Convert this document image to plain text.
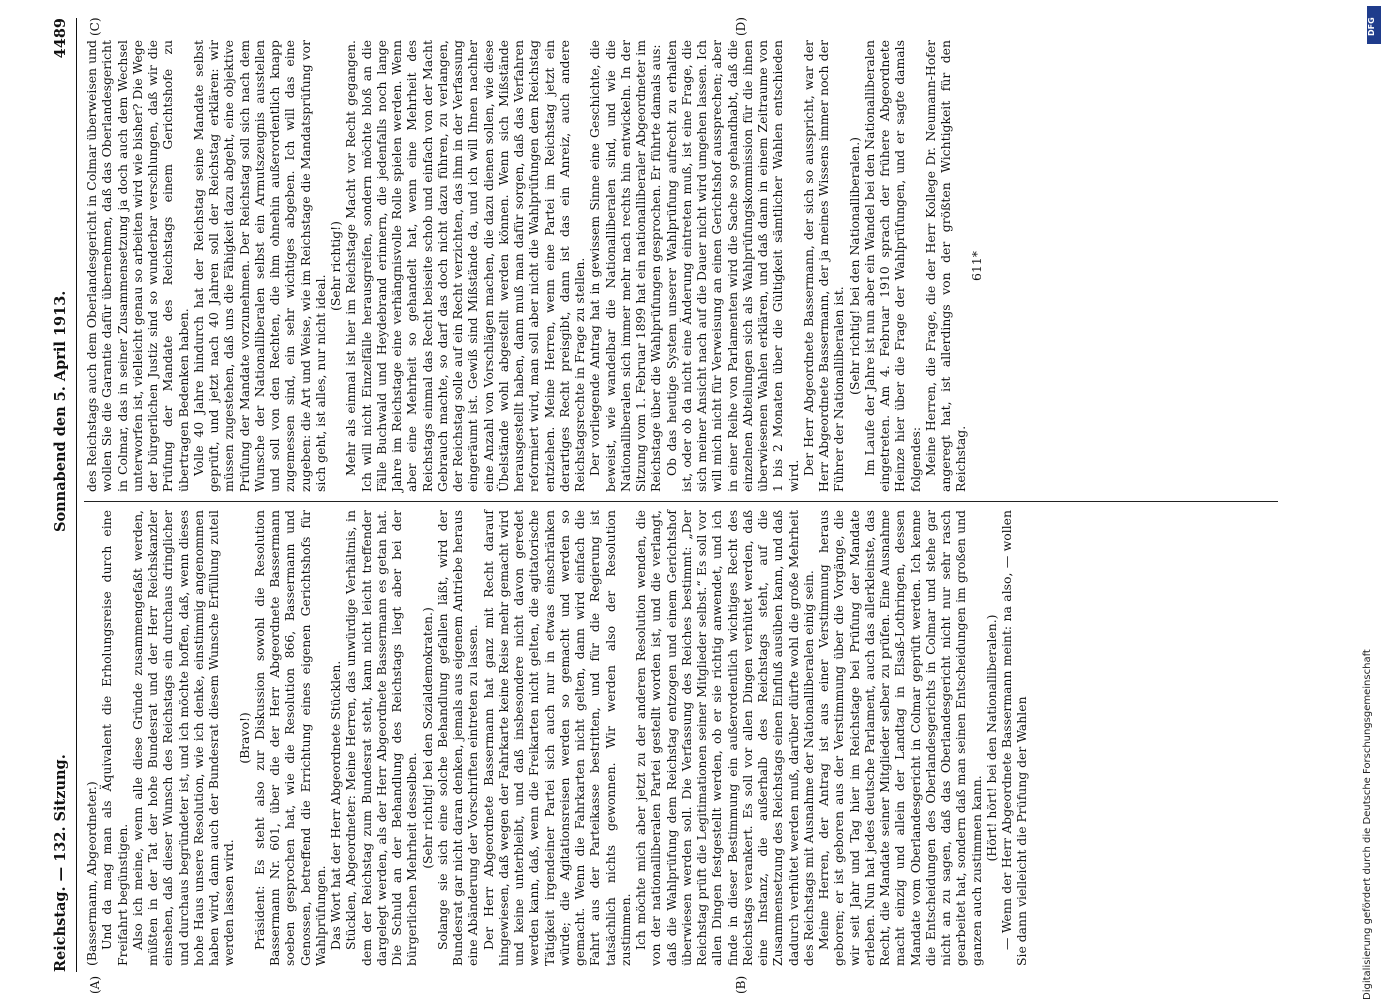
Reichstag. — 132. Sitzung.
Sonnabend den 5. April 1913.
4489
(A)	(B)
(C)	(D)

(Bassermann, Abgeordneter.) Und da mag man als Äquivalent die Erholungsreise durch eine Freifahrt begünstigen. Also ich meine, wenn alle diese Gründe zusammengefaßt werden, müßten in der Tat der hohe Bundesrat und der Herr Reichskanzler einsehen, daß dieser Wunsch des Reichstags ein durchaus dringlicher und durchaus begründeter ist, und ich möchte hoffen, daß, wenn dieses hohe Haus unsere Resolution, wie ich denke, einstimmig angenommen haben wird, dann auch der Bundesrat diesem Wunsche Erfüllung zuteil werden lassen wird.

(Bravo!) Präsident: Es steht also zur Diskussion sowohl die Resolution Bassermann Nr. 601, über die der Herr Abgeordnete Bassermann soeben gesprochen hat, wie die Resolution 866, Bassermann und Genossen, betreffend die Errichtung eines eigenen Gerichtshofs für Wahlprüfungen. Das Wort hat der Herr Abgeordnete Stücklen. Stücklen, Abgeordneter: Meine Herren, das unwürdige Verhältnis, in dem der Reichstag zum Bundesrat steht, kann nicht leicht treffender dargelegt werden, als der Herr Abgeordnete Bassermann es getan hat. Die Schuld an der Behandlung des Reichstags liegt aber bei der bürgerlichen Mehrheit desselben. (Sehr richtig! bei den Sozialdemokraten.) Solange sie sich eine solche Behandlung gefallen läßt, wird der Bundesrat gar nicht daran denken, jemals aus eigenem Antriebe heraus eine Abänderung der Vorschriften eintreten zu lassen. Der Herr Abgeordnete Bassermann hat ganz mit Recht darauf hingewiesen, daß wegen der Fahrkarte keine Reise mehr gemacht wird und keine unterbleibt, und daß insbesondere nicht davon geredet werden kann, daß, wenn die Freikarten nicht gelten, die agitatorische Tätigkeit irgendeiner Partei sich auch nur in etwas einschränken würde; die Agitationsreisen werden so gemacht und werden so gemacht. Wenn die Fahrkarten nicht gelten, dann wird einfach die Fahrt aus der Parteikasse bestritten, und für die Regierung ist tatsächlich nichts gewonnen. Wir werden also der Resolution zustimmen. Ich möchte mich aber jetzt zu der anderen Resolution wenden, die von der nationalliberalen Partei gestellt worden ist, und die verlangt, daß die Wahlprüfung dem Reichstag entzogen und einem Gerichtshof überwiesen werden soll. Die Verfassung des Reiches bestimmt: „Der Reichstag prüft die Legitimationen seiner Mitglieder selbst.“ Es soll vor allen Dingen festgestellt werden, ob er sie richtig anwendet, und ich finde in dieser Bestimmung ein außerordentlich wichtiges Recht des Reichstags verankert. Es soll vor allen Dingen verhütet werden, daß eine Instanz, die außerhalb des Reichstags steht, auf die Zusammensetzung des Reichstags einen Einfluß ausüben kann, und daß dadurch verhütet werden muß, darüber dürfte wohl die große Mehrheit des Reichstags mit Ausnahme der Nationalliberalen einig sein. Meine Herren, der Antrag ist aus einer Verstimmung heraus geboren; er ist geboren aus der Verstimmung über die Vorgänge, die wir seit Jahr und Tag hier im Reichstage bei Prüfung der Mandate erleben. Nun hat jedes deutsche Parlament, auch das allerkleinste, das Recht, die Mandate seiner Mitglieder selber zu prüfen. Eine Ausnahme macht einzig und allein der Landtag in Elsaß-Lothringen, dessen Mandate vom Oberlandesgericht in Colmar geprüft werden. Ich kenne die Entscheidungen des Oberlandesgerichts in Colmar und stehe gar nicht an zu sagen, daß das Oberlandesgericht nicht nur sehr rasch gearbeitet hat, sondern daß man seinen Entscheidungen im großen und ganzen auch zustimmen kann.

(Hört! hört! bei den Nationalliberalen.) — Wenn der Herr Abgeordnete Bassermann meint: na also, — wollen Sie dann vielleicht die Prüfung der Wahlen

des Reichstags auch dem Oberlandesgericht in Colmar überweisen und wollen Sie die Garantie dafür übernehmen, daß das Oberlandesgericht in Colmar, das in seiner Zusammensetzung ja doch auch dem Wechsel unterworfen ist, vielleicht genau so arbeiten wird wie bisher? Die Wege der bürgerlichen Justiz sind so wunderbar verschlungen, daß wir die Prüfung der Mandate des Reichstags einem Gerichtshofe zu übertragen Bedenken haben. Volle 40 Jahre hindurch hat der Reichstag seine Mandate selbst geprüft, und jetzt nach 40 Jahren soll der Reichstag erklären: wir müssen zugestehen, daß uns die Fähigkeit dazu abgeht, eine objektive Prüfung der Mandate vorzunehmen. Der Reichstag soll sich nach dem Wunsche der Nationalliberalen selbst ein Armutszeugnis ausstellen und soll von den Rechten, die ihm ohnehin außerordentlich knapp zugemessen sind, ein sehr wichtiges abgeben. Ich will das eine zugeben: die Art und Weise, wie im Reichstage die Mandatsprüfung vor sich geht, ist alles, nur nicht ideal.

(Sehr richtig!) Mehr als einmal ist hier im Reichstage Macht vor Recht gegangen. Ich will nicht Einzelfälle herausgreifen, sondern möchte bloß an die Fälle Buchwald und Heydebrand erinnern, die jedenfalls noch lange Jahre im Reichstage eine verhängnisvolle Rolle spielen werden. Wenn aber eine Mehrheit so gehandelt hat, wenn eine Mehrheit des Reichstags einmal das Recht beiseite schob und einfach von der Macht Gebrauch machte, so darf das doch nicht dazu führen, zu verlangen, der Reichstag solle auf ein Recht verzichten, das ihm in der Verfassung eingeräumt ist. Gewiß sind Mißstände da, und ich will Ihnen nachher eine Anzahl von Vorschlägen machen, die dazu dienen sollen, wie diese Übelstände wohl abgestellt werden können. Wenn sich Mißstände herausgestellt haben, dann muß man dafür sorgen, daß das Verfahren reformiert wird, man soll aber nicht die Wahlprüfungen dem Reichstag entziehen. Meine Herren, wenn eine Partei im Reichstag jetzt ein derartiges Recht preisgibt, dann ist das ein Anreiz, auch andere Reichstagsrechte in Frage zu stellen. Der vorliegende Antrag hat in gewissem Sinne eine Geschichte, die beweist, wie wandelbar die Nationalliberalen sind, und wie die Nationalliberalen sich immer mehr nach rechts hin entwickeln. In der Sitzung vom 1. Februar 1899 hat ein nationalliberaler Abgeordneter im Reichstage über die Wahlprüfungen gesprochen. Er führte damals aus: Ob das heutige System unserer Wahlprüfung aufrecht zu erhalten ist, oder ob da nicht eine Änderung eintreten muß, ist eine Frage, die sich meiner Ansicht nach auf die Dauer nicht wird umgehen lassen. Ich will mich nicht für Verweisung an einen Gerichtshof aussprechen; aber in einer Reihe von Parlamenten wird die Sache so gehandhabt, daß die einzelnen Abteilungen sich als Wahlprüfungskommission für die ihnen überwiesenen Wahlen erklären, und daß dann in einem Zeitraume von 1 bis 2 Monaten über die Gültigkeit sämtlicher Wahlen entschieden wird. Der Herr Abgeordnete Bassermann, der sich so ausspricht, war der Herr Abgeordnete Bassermann, der ja meines Wissens immer noch der Führer der Nationalliberalen ist. (Sehr richtig! bei den Nationalliberalen.) Im Laufe der Jahre ist nun aber ein Wandel bei den Nationalliberalen eingetreten. Am 4. Februar 1910 sprach der frühere Abgeordnete Heinze hier über die Frage der Wahlprüfungen, und er sagte damals folgendes: Meine Herren, die Frage, die der Herr Kollege Dr. Neumann-Hofer angeregt hat, ist allerdings von der größten Wichtigkeit für den Reichstag.

611*

DFG
Digitalisierung gefördert durch die Deutsche Forschungsgemeinschaft
